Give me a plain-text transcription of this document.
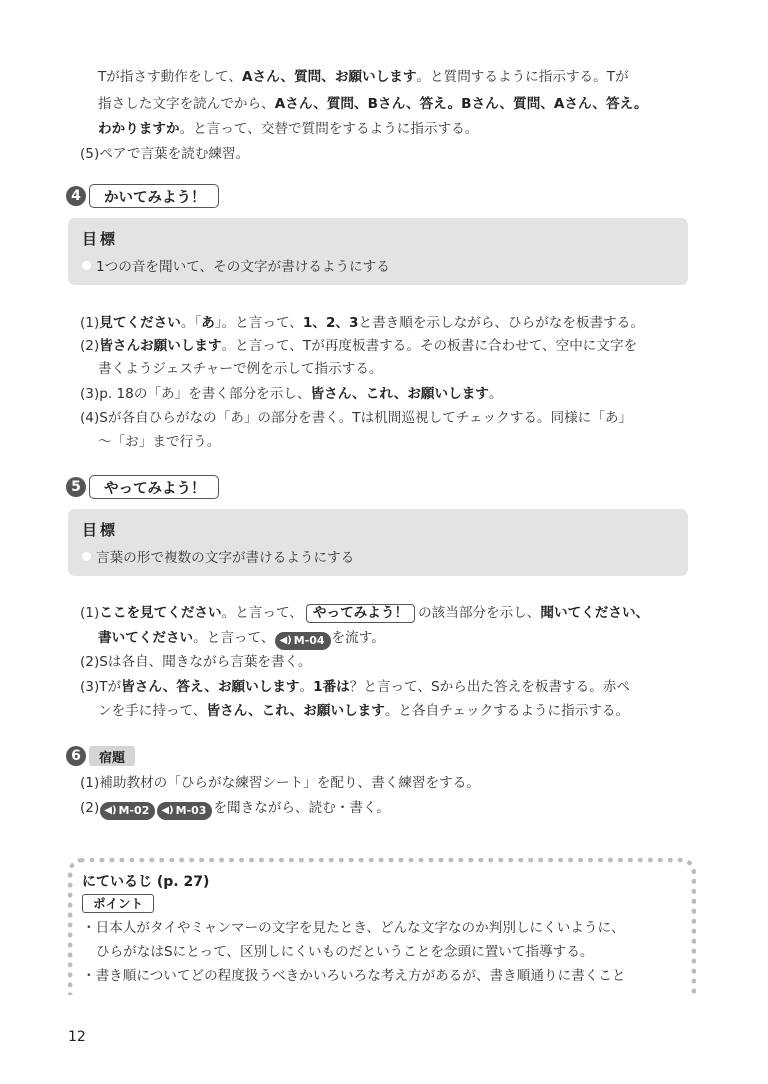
Tが指さす動作をして、Aさん、質問、お願いします。と質問するように指示する。Tが
指さした文字を読んでから、Aさん、質問、Bさん、答え。Bさん、質問、Aさん、答え。
わかりますか。と言って、交替で質問をするように指示する。
(5)ペアで言葉を読む練習。
4	かいてみよう！
目標
1つの音を聞いて、その文字が書けるようにする
(1)見てください。「あ」。と言って、1、2、3と書き順を示しながら、ひらがなを板書する。
(2)皆さんお願いします。と言って、Tが再度板書する。その板書に合わせて、空中に文字を
書くようジェスチャーで例を示して指示する。
(3)p. 18の「あ」を書く部分を示し、皆さん、これ、お願いします。
(4)Sが各自ひらがなの「あ」の部分を書く。Tは机間巡視してチェックする。同様に「あ」
〜「お」まで行う。
5	やってみよう！
目標
言葉の形で複数の文字が書けるようにする
(1)ここを見てください。と言って、 やってみよう！ の該当部分を示し、聞いてください、
書いてください。と言って、 ◀) M-04 を流す。
(2)Sは各自、聞きながら言葉を書く。
(3)Tが皆さん、答え、お願いします。1番は？と言って、Sから出た答えを板書する。赤ペ
ンを手に持って、皆さん、これ、お願いします。と各自チェックするように指示する。
6	宿題
(1)補助教材の「ひらがな練習シート」を配り、書く練習をする。
(2) ◀) M-02 ◀) M-03 を聞きながら、読む・書く。
にているじ (p. 27)
ポイント
・日本人がタイやミャンマーの文字を見たとき、どんな文字なのか判別しにくいように、
ひらがなはSにとって、区別しにくいものだということを念頭に置いて指導する。
・書き順についてどの程度扱うべきかいろいろな考え方があるが、書き順通りに書くこと
12
